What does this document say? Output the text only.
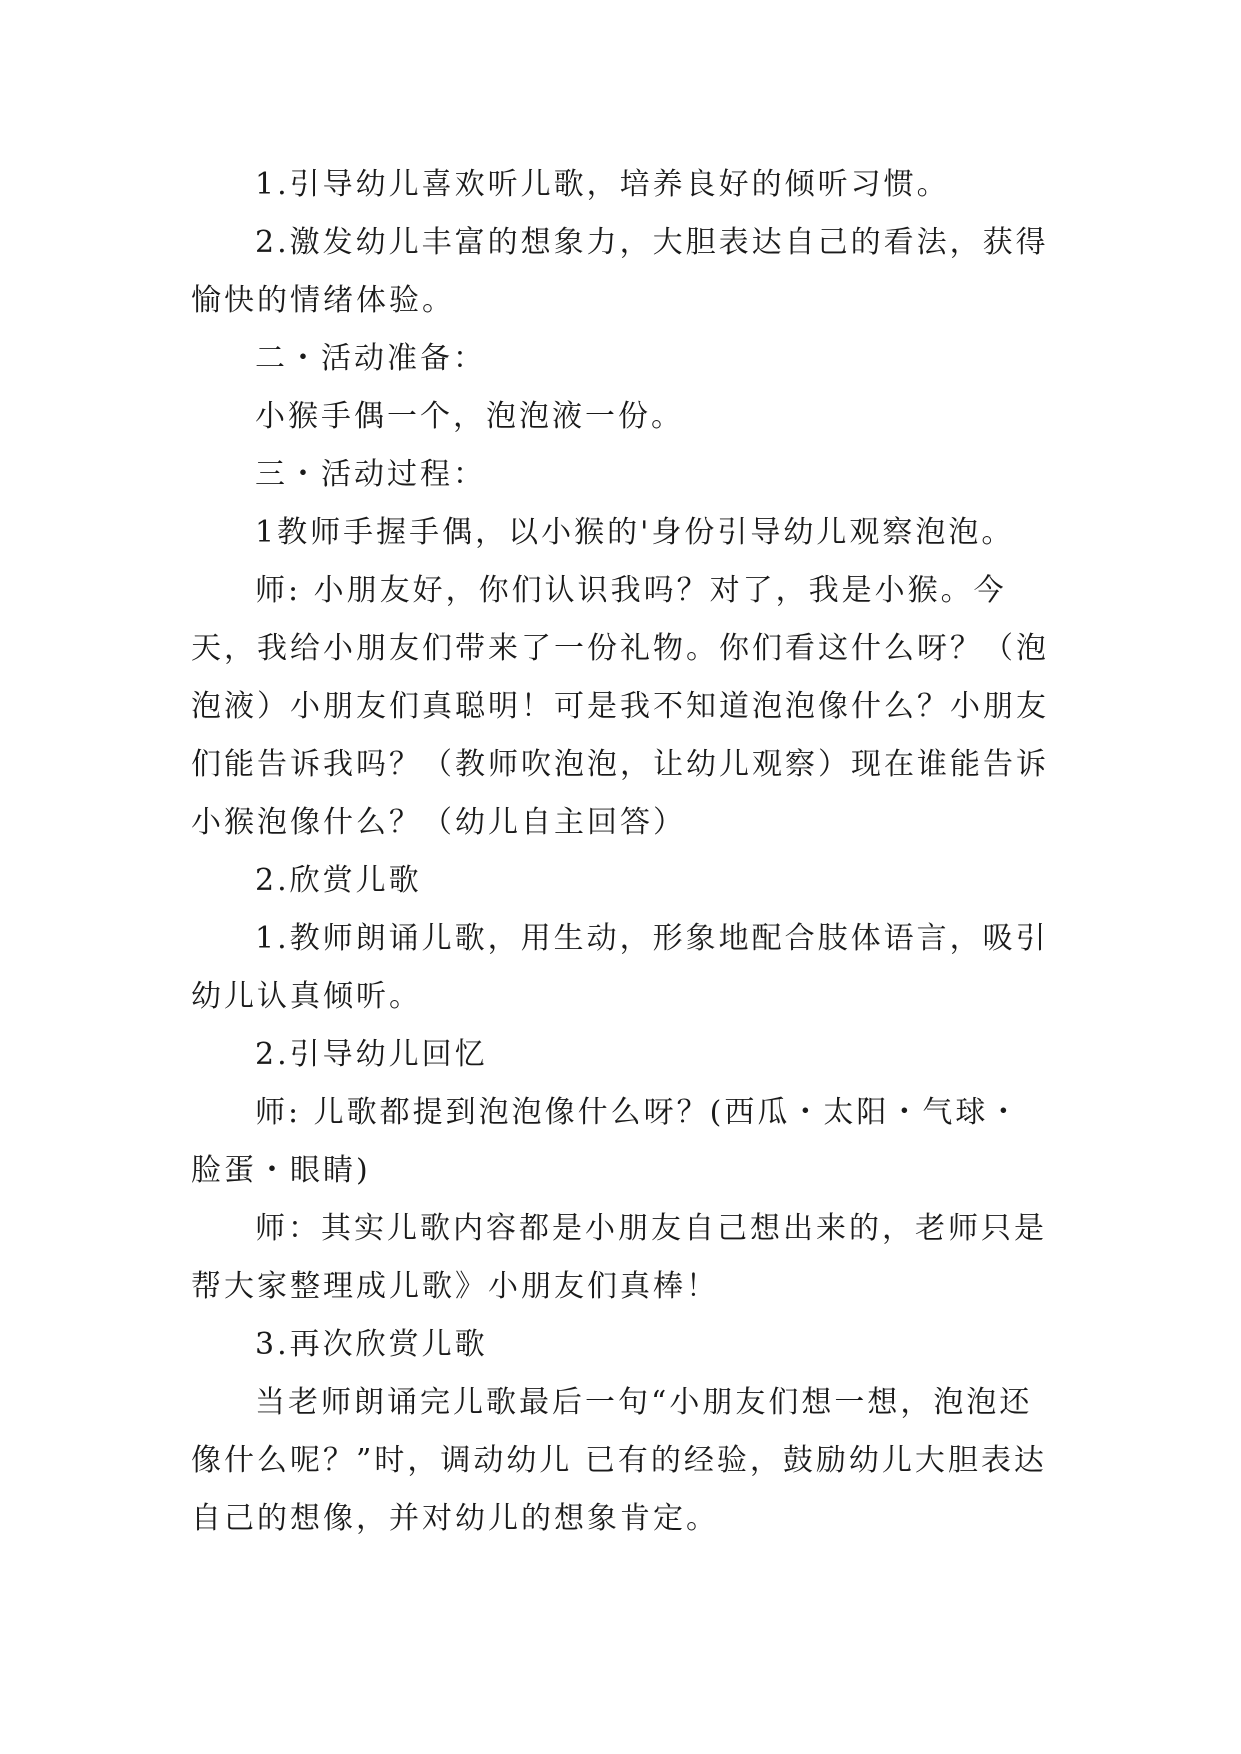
1.引导幼儿喜欢听儿歌，培养良好的倾听习惯。

2.激发幼儿丰富的想象力，大胆表达自己的看法，获得愉快的情绪体验。

二・活动准备：

小猴手偶一个，泡泡液一份。

三・活动过程：

1教师手握手偶，以小猴的'身份引导幼儿观察泡泡。

师: 小朋友好，你们认识我吗？对了，我是小猴。今天，我给小朋友们带来了一份礼物。你们看这什么呀？（泡泡液）小朋友们真聪明！可是我不知道泡泡像什么？小朋友们能告诉我吗？（教师吹泡泡，让幼儿观察）现在谁能告诉小猴泡像什么？（幼儿自主回答）

2.欣赏儿歌

1.教师朗诵儿歌，用生动，形象地配合肢体语言，吸引幼儿认真倾听。

2.引导幼儿回忆

师: 儿歌都提到泡泡像什么呀？(西瓜・太阳・气球・脸蛋・眼睛)

师：其实儿歌内容都是小朋友自己想出来的，老师只是帮大家整理成儿歌》小朋友们真棒！

3.再次欣赏儿歌

当老师朗诵完儿歌最后一句“小朋友们想一想，泡泡还像什么呢？”时，调动幼儿 已有的经验，鼓励幼儿大胆表达自己的想像，并对幼儿的想象肯定。
